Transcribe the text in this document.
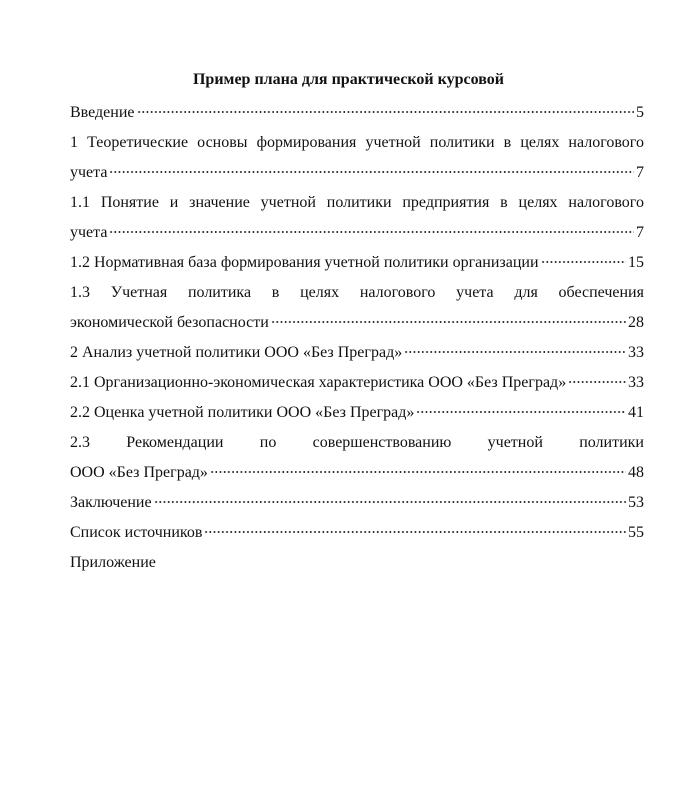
Пример плана для практической курсовой
Введение	5
1 Теоретические основы формирования учетной политики в целях налогового
учета	7
1.1 Понятие и значение учетной политики предприятия в целях налогового
учета	7
1.2 Нормативная база формирования учетной политики организации	15
1.3 Учетная политика в целях налогового учета для обеспечения
экономической безопасности	28
2 Анализ учетной политики ООО «Без Преград»	33
2.1 Организационно-экономическая характеристика ООО «Без Преград»	33
2.2 Оценка учетной политики ООО «Без Преград»	41
2.3 Рекомендации по совершенствованию учетной политики
ООО «Без Преград»	48
Заключение	53
Список источников	55
Приложение
